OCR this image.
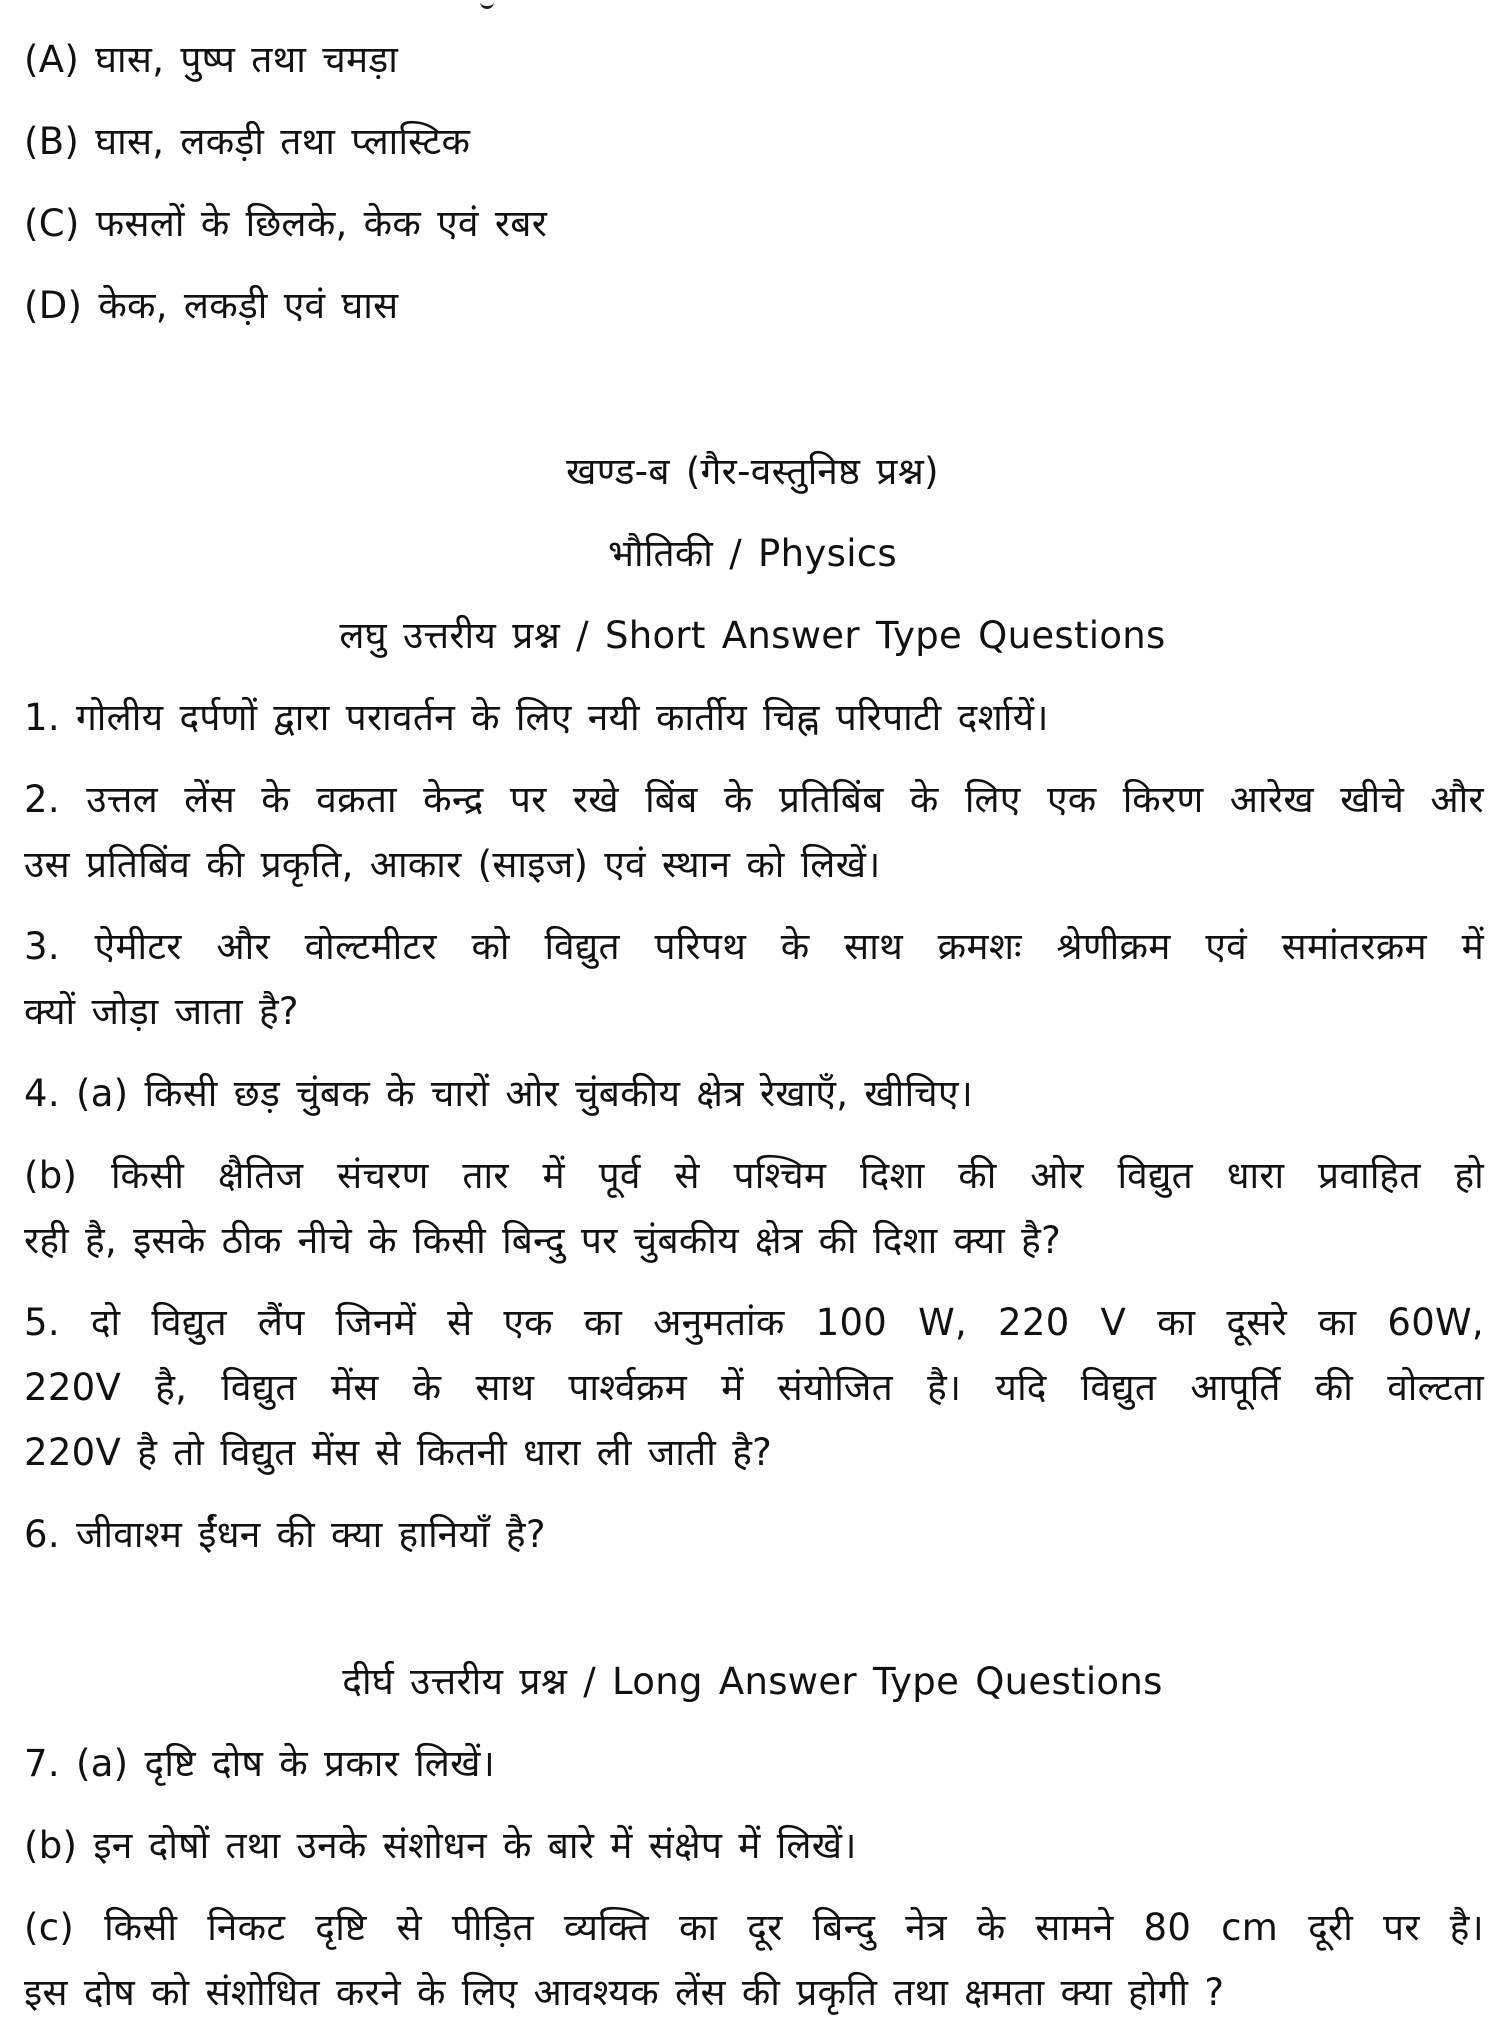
(A) घास, पुष्प तथा चमड़ा
(B) घास, लकड़ी तथा प्लास्टिक
(C) फसलों के छिलके, केक एवं रबर
(D) केक, लकड़ी एवं घास
खण्ड-ब (गैर-वस्तुनिष्ठ प्रश्न)
भौतिकी / Physics
लघु उत्तरीय प्रश्न / Short Answer Type Questions
1. गोलीय दर्पणों द्वारा परावर्तन के लिए नयी कार्तीय चिह्न परिपाटी दर्शायें।
2. उत्तल लेंस के वक्रता केन्द्र पर रखे बिंब के प्रतिबिंब के लिए एक किरण आरेख खीचे और
उस प्रतिबिंव की प्रकृति, आकार (साइज) एवं स्थान को लिखें।
3. ऐमीटर और वोल्टमीटर को विद्युत परिपथ के साथ क्रमशः श्रेणीक्रम एवं समांतरक्रम में
क्यों जोड़ा जाता है?
4. (a) किसी छड़ चुंबक के चारों ओर चुंबकीय क्षेत्र रेखाएँ, खीचिए।
(b) किसी क्षैतिज संचरण तार में पूर्व से पश्चिम दिशा की ओर विद्युत धारा प्रवाहित हो
रही है, इसके ठीक नीचे के किसी बिन्दु पर चुंबकीय क्षेत्र की दिशा क्या है?
5. दो विद्युत लैंप जिनमें से एक का अनुमतांक 100 W, 220 V का दूसरे का 60W,
220V है, विद्युत मेंस के साथ पार्श्वक्रम में संयोजित है। यदि विद्युत आपूर्ति की वोल्टता
220V है तो विद्युत मेंस से कितनी धारा ली जाती है?
6. जीवाश्म ईंधन की क्या हानियाँ है?
दीर्घ उत्तरीय प्रश्न / Long Answer Type Questions
7. (a) दृष्टि दोष के प्रकार लिखें।
(b) इन दोषों तथा उनके संशोधन के बारे में संक्षेप में लिखें।
(c) किसी निकट दृष्टि से पीड़ित व्यक्ति का दूर बिन्दु नेत्र के सामने 80 cm दूरी पर है।
इस दोष को संशोधित करने के लिए आवश्यक लेंस की प्रकृति तथा क्षमता क्या होगी ?
